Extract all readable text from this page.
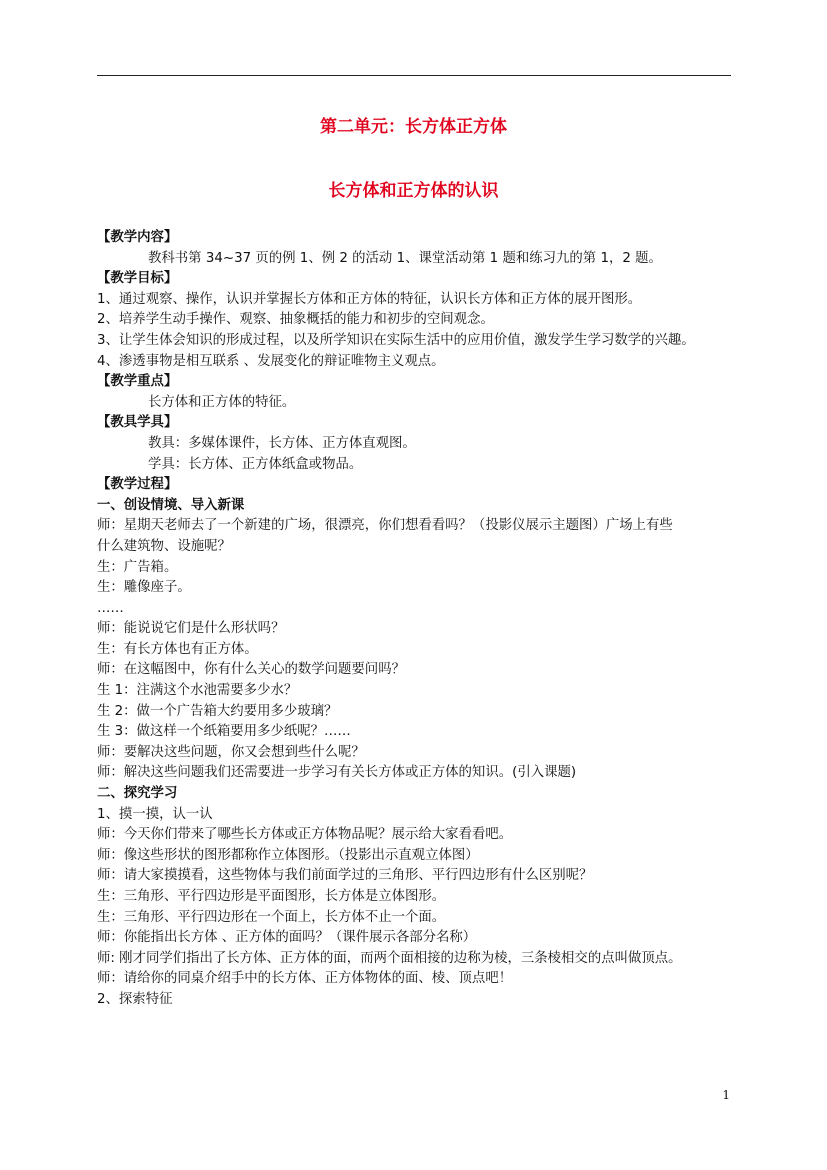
第二单元：长方体正方体
长方体和正方体的认识
【教学内容】
教科书第 34~37 页的例 1、例 2 的活动 1、课堂活动第 1 题和练习九的第 1，2 题。
【教学目标】
1、通过观察、操作，认识并掌握长方体和正方体的特征，认识长方体和正方体的展开图形。
2、培养学生动手操作、观察、抽象概括的能力和初步的空间观念。
3、让学生体会知识的形成过程，以及所学知识在实际生活中的应用价值，激发学生学习数学的兴趣。
4、渗透事物是相互联系 、发展变化的辩证唯物主义观点。
【教学重点】
长方体和正方体的特征。
【教具学具】
教具：多媒体课件，长方体、正方体直观图。
学具：长方体、正方体纸盒或物品。
【教学过程】
一、创设情境、导入新课
师：星期天老师去了一个新建的广场，很漂亮，你们想看看吗？（投影仪展示主题图）广场上有些
什么建筑物、设施呢？
生：广告箱。
生：雕像座子。
……
师：能说说它们是什么形状吗？
生：有长方体也有正方体。
师：在这幅图中，你有什么关心的数学问题要问吗？
生 1：注满这个水池需要多少水？
生 2：做一个广告箱大约要用多少玻璃？
生 3：做这样一个纸箱要用多少纸呢？……
师：要解决这些问题，你又会想到些什么呢？
师：解决这些问题我们还需要进一步学习有关长方体或正方体的知识。(引入课题)
二、探究学习
1、摸一摸，认一认
师：今天你们带来了哪些长方体或正方体物品呢？展示给大家看看吧。
师：像这些形状的图形都称作立体图形。（投影出示直观立体图）
师：请大家摸摸看，这些物体与我们前面学过的三角形、平行四边形有什么区别呢？
生：三角形、平行四边形是平面图形，长方体是立体图形。
生：三角形、平行四边形在一个面上，长方体不止一个面。
师：你能指出长方体 、正方体的面吗？（课件展示各部分名称）
师: 刚才同学们指出了长方体、正方体的面，而两个面相接的边称为棱，三条棱相交的点叫做顶点。
师：请给你的同桌介绍手中的长方体、正方体物体的面、棱、顶点吧！
2、探索特征
1
